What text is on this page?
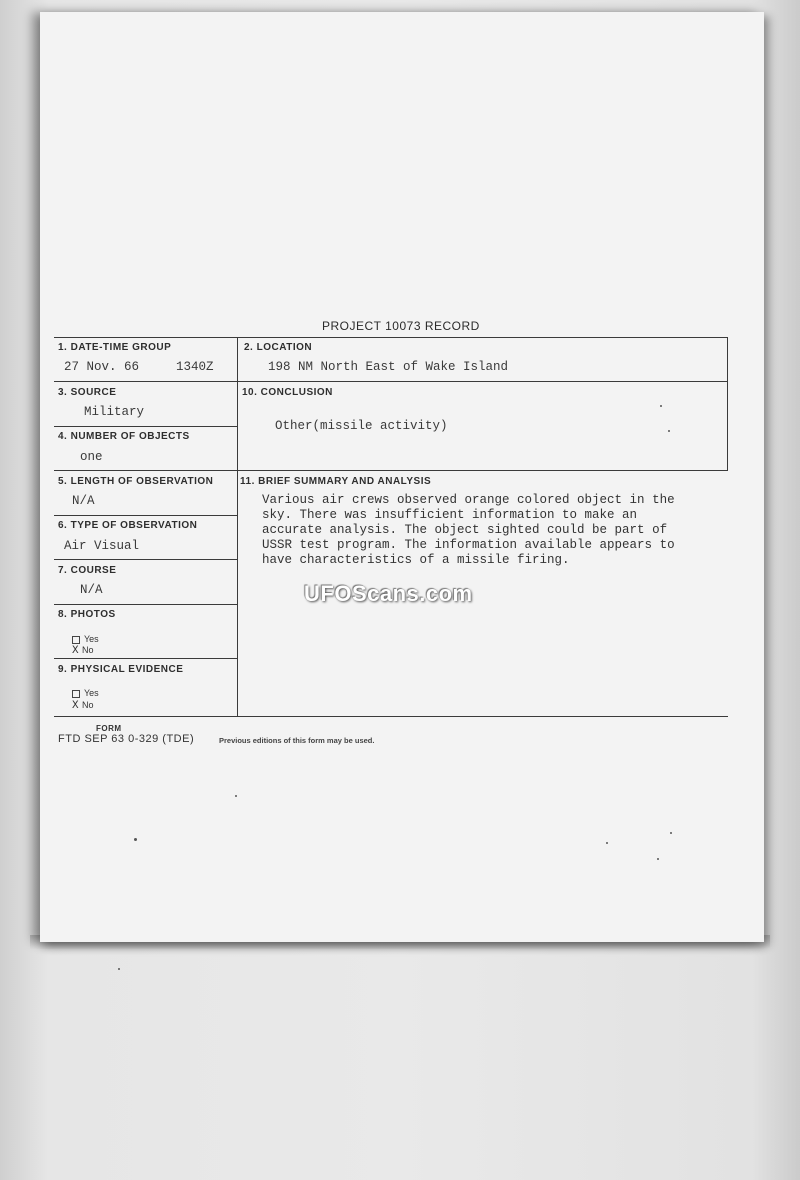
PROJECT 10073 RECORD
1. DATE-TIME GROUP
27 Nov. 66	1340Z
2. LOCATION
198 NM North East of Wake Island
3. SOURCE
Military
4. NUMBER OF OBJECTS
one
10. CONCLUSION
Other(missile activity)
5. LENGTH OF OBSERVATION
N/A
11. BRIEF SUMMARY AND ANALYSIS
Various air crews observed orange colored object in the
sky. There was insufficient information to make an
accurate analysis. The object sighted could be part of
USSR test program. The information available appears to
have characteristics of a missile firing.
6. TYPE OF OBSERVATION
Air Visual
7. COURSE
N/A
8. PHOTOS
Yes
X No
9. PHYSICAL EVIDENCE
Yes
X No
FORM
FTD SEP 63 0-329 (TDE)	Previous editions of this form may be used.
UFOScans.com
